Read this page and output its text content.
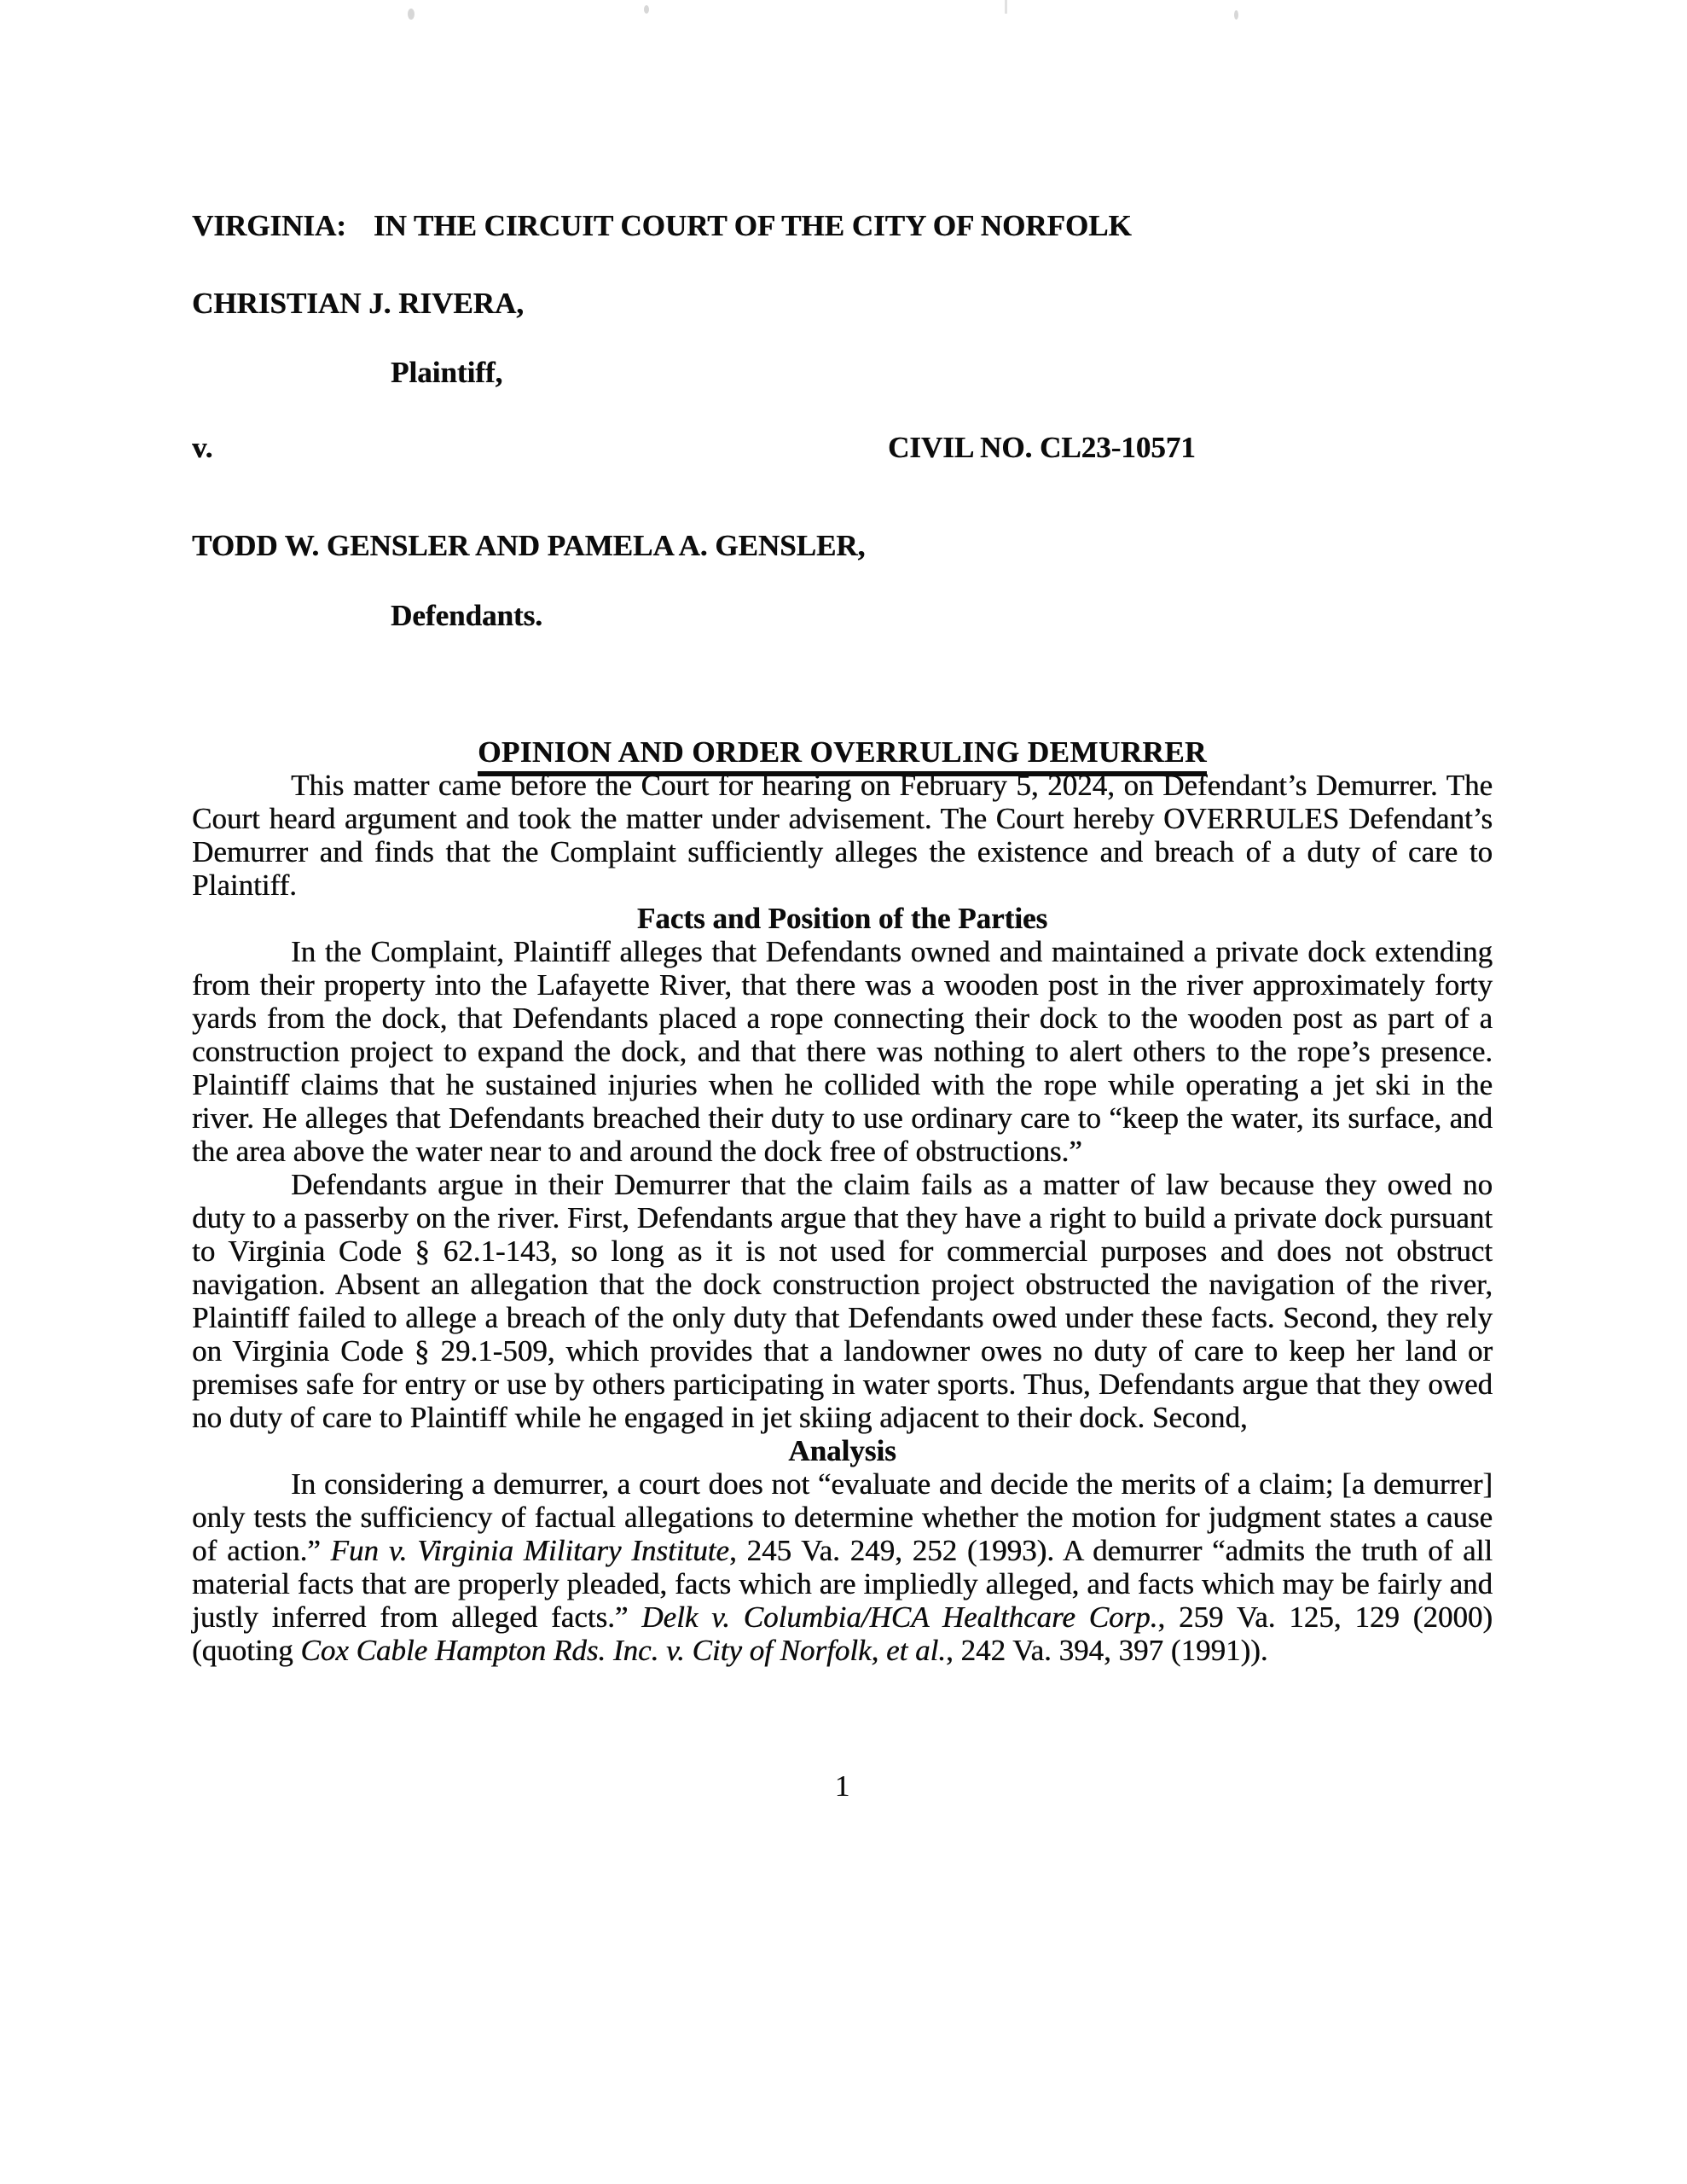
VIRGINIA: IN THE CIRCUIT COURT OF THE CITY OF NORFOLK
CHRISTIAN J. RIVERA,
Plaintiff,
v.	CIVIL NO. CL23-10571
TODD W. GENSLER AND PAMELA A. GENSLER,
Defendants.
OPINION AND ORDER OVERRULING DEMURRER

This matter came before the Court for hearing on February 5, 2024, on Defendant’s Demurrer. The Court heard argument and took the matter under advisement. The Court hereby OVERRULES Defendant’s Demurrer and finds that the Complaint sufficiently alleges the existence and breach of a duty of care to Plaintiff.

Facts and Position of the Parties

In the Complaint, Plaintiff alleges that Defendants owned and maintained a private dock extending from their property into the Lafayette River, that there was a wooden post in the river approximately forty yards from the dock, that Defendants placed a rope connecting their dock to the wooden post as part of a construction project to expand the dock, and that there was nothing to alert others to the rope’s presence. Plaintiff claims that he sustained injuries when he collided with the rope while operating a jet ski in the river. He alleges that Defendants breached their duty to use ordinary care to “keep the water, its surface, and the area above the water near to and around the dock free of obstructions.”

Defendants argue in their Demurrer that the claim fails as a matter of law because they owed no duty to a passerby on the river. First, Defendants argue that they have a right to build a private dock pursuant to Virginia Code § 62.1-143, so long as it is not used for commercial purposes and does not obstruct navigation. Absent an allegation that the dock construction project obstructed the navigation of the river, Plaintiff failed to allege a breach of the only duty that Defendants owed under these facts. Second, they rely on Virginia Code § 29.1-509, which provides that a landowner owes no duty of care to keep her land or premises safe for entry or use by others participating in water sports. Thus, Defendants argue that they owed no duty of care to Plaintiff while he engaged in jet skiing adjacent to their dock. Second,

Analysis

In considering a demurrer, a court does not “evaluate and decide the merits of a claim; [a demurrer] only tests the sufficiency of factual allegations to determine whether the motion for judgment states a cause of action.” Fun v. Virginia Military Institute, 245 Va. 249, 252 (1993). A demurrer “admits the truth of all material facts that are properly pleaded, facts which are impliedly alleged, and facts which may be fairly and justly inferred from alleged facts.” Delk v. Columbia/HCA Healthcare Corp., 259 Va. 125, 129 (2000) (quoting Cox Cable Hampton Rds. Inc. v. City of Norfolk, et al., 242 Va. 394, 397 (1991)).

1
